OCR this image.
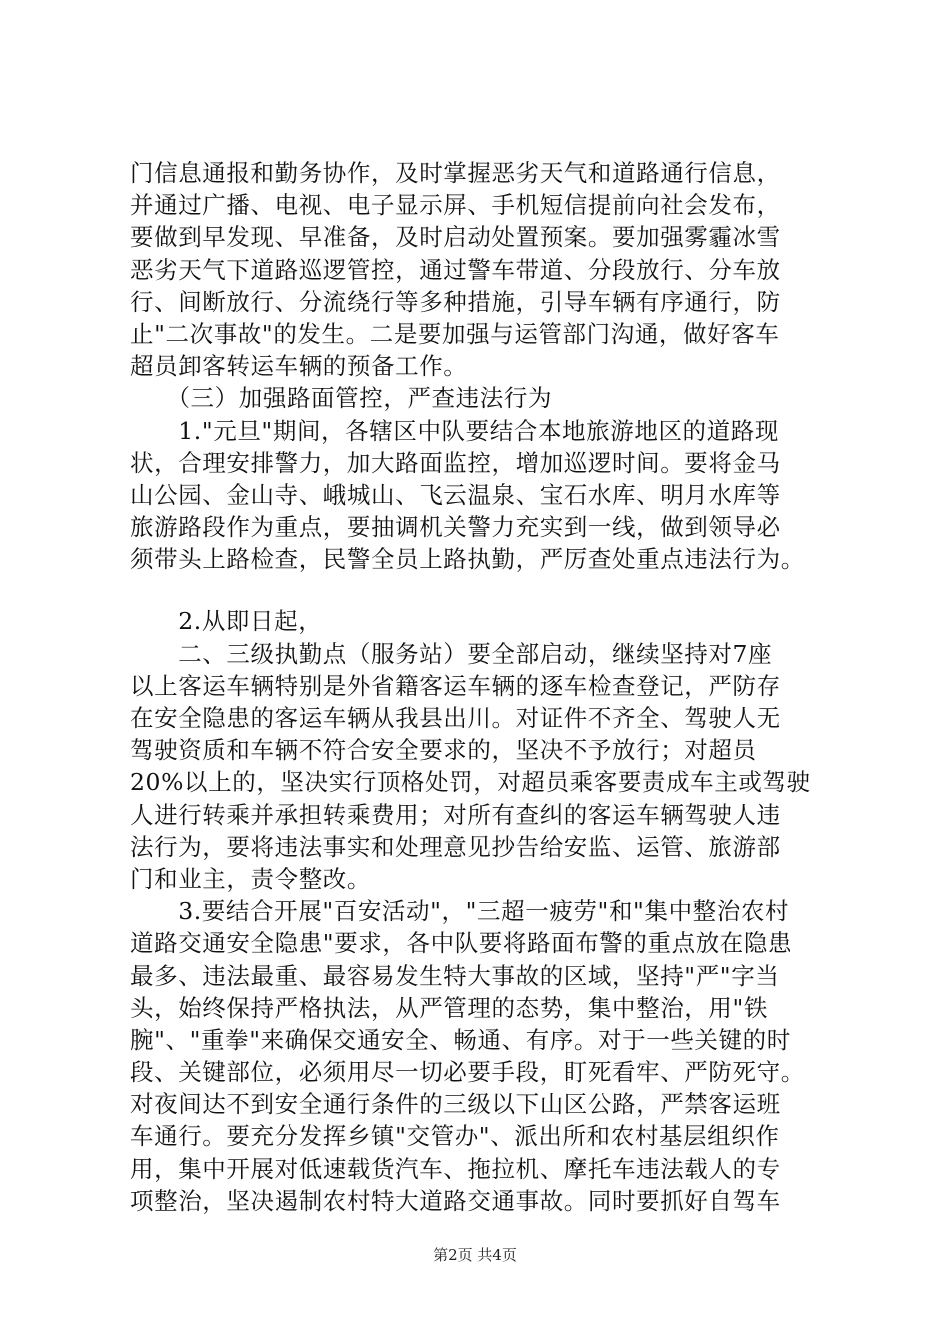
门信息通报和勤务协作，及时掌握恶劣天气和道路通行信息，
并通过广播、电视、电子显示屏、手机短信提前向社会发布，
要做到早发现、早准备，及时启动处置预案。要加强雾霾冰雪
恶劣天气下道路巡逻管控，通过警车带道、分段放行、分车放
行、间断放行、分流绕行等多种措施，引导车辆有序通行，防
止"二次事故"的发生。二是要加强与运管部门沟通，做好客车
超员卸客转运车辆的预备工作。
　　（三）加强路面管控，严查违法行为
　　1."元旦"期间，各辖区中队要结合本地旅游地区的道路现
状，合理安排警力，加大路面监控，增加巡逻时间。要将金马
山公园、金山寺、峨城山、飞云温泉、宝石水库、明月水库等
旅游路段作为重点，要抽调机关警力充实到一线，做到领导必
须带头上路检查，民警全员上路执勤，严厉查处重点违法行为。
　　2.从即日起，
　　二、三级执勤点（服务站）要全部启动，继续坚持对7座
以上客运车辆特别是外省籍客运车辆的逐车检查登记，严防存
在安全隐患的客运车辆从我县出川。对证件不齐全、驾驶人无
驾驶资质和车辆不符合安全要求的，坚决不予放行；对超员
20%以上的，坚决实行顶格处罚，对超员乘客要责成车主或驾驶
人进行转乘并承担转乘费用；对所有查纠的客运车辆驾驶人违
法行为，要将违法事实和处理意见抄告给安监、运管、旅游部
门和业主，责令整改。
　　3.要结合开展"百安活动"，"三超一疲劳"和"集中整治农村
道路交通安全隐患"要求，各中队要将路面布警的重点放在隐患
最多、违法最重、最容易发生特大事故的区域，坚持"严"字当
头，始终保持严格执法，从严管理的态势，集中整治，用"铁
腕"、"重拳"来确保交通安全、畅通、有序。对于一些关键的时
段、关键部位，必须用尽一切必要手段，盯死看牢、严防死守。
对夜间达不到安全通行条件的三级以下山区公路，严禁客运班
车通行。要充分发挥乡镇"交管办"、派出所和农村基层组织作
用，集中开展对低速载货汽车、拖拉机、摩托车违法载人的专
项整治，坚决遏制农村特大道路交通事故。同时要抓好自驾车
第2页 共4页
